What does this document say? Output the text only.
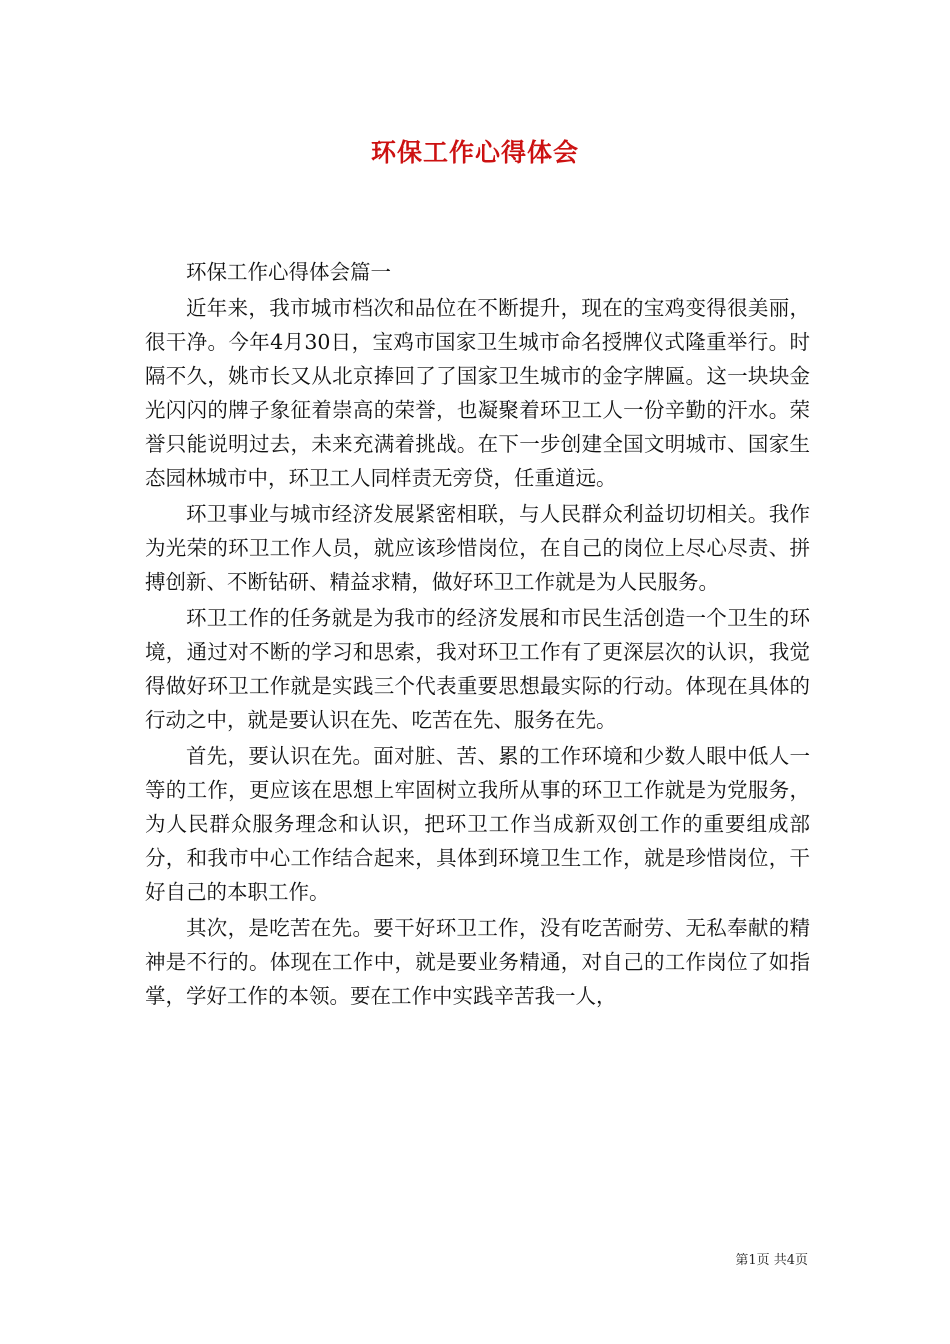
环保工作心得体会

环保工作心得体会篇一

近年来，我市城市档次和品位在不断提升，现在的宝鸡变得很美丽，很干净。今年4月30日，宝鸡市国家卫生城市命名授牌仪式隆重举行。时隔不久，姚市长又从北京捧回了了国家卫生城市的金字牌匾。这一块块金光闪闪的牌子象征着崇高的荣誉，也凝聚着环卫工人一份辛勤的汗水。荣誉只能说明过去，未来充满着挑战。在下一步创建全国文明城市、国家生态园林城市中，环卫工人同样责无旁贷，任重道远。

环卫事业与城市经济发展紧密相联，与人民群众利益切切相关。我作为光荣的环卫工作人员，就应该珍惜岗位，在自己的岗位上尽心尽责、拼搏创新、不断钻研、精益求精，做好环卫工作就是为人民服务。

环卫工作的任务就是为我市的经济发展和市民生活创造一个卫生的环境，通过对不断的学习和思索，我对环卫工作有了更深层次的认识，我觉得做好环卫工作就是实践三个代表重要思想最实际的行动。体现在具体的行动之中，就是要认识在先、吃苦在先、服务在先。

首先，要认识在先。面对脏、苦、累的工作环境和少数人眼中低人一等的工作，更应该在思想上牢固树立我所从事的环卫工作就是为党服务，为人民群众服务理念和认识，把环卫工作当成新双创工作的重要组成部分，和我市中心工作结合起来，具体到环境卫生工作，就是珍惜岗位，干好自己的本职工作。

其次，是吃苦在先。要干好环卫工作，没有吃苦耐劳、无私奉献的精神是不行的。体现在工作中，就是要业务精通，对自己的工作岗位了如指掌，学好工作的本领。要在工作中实践辛苦我一人，

第1页 共4页
